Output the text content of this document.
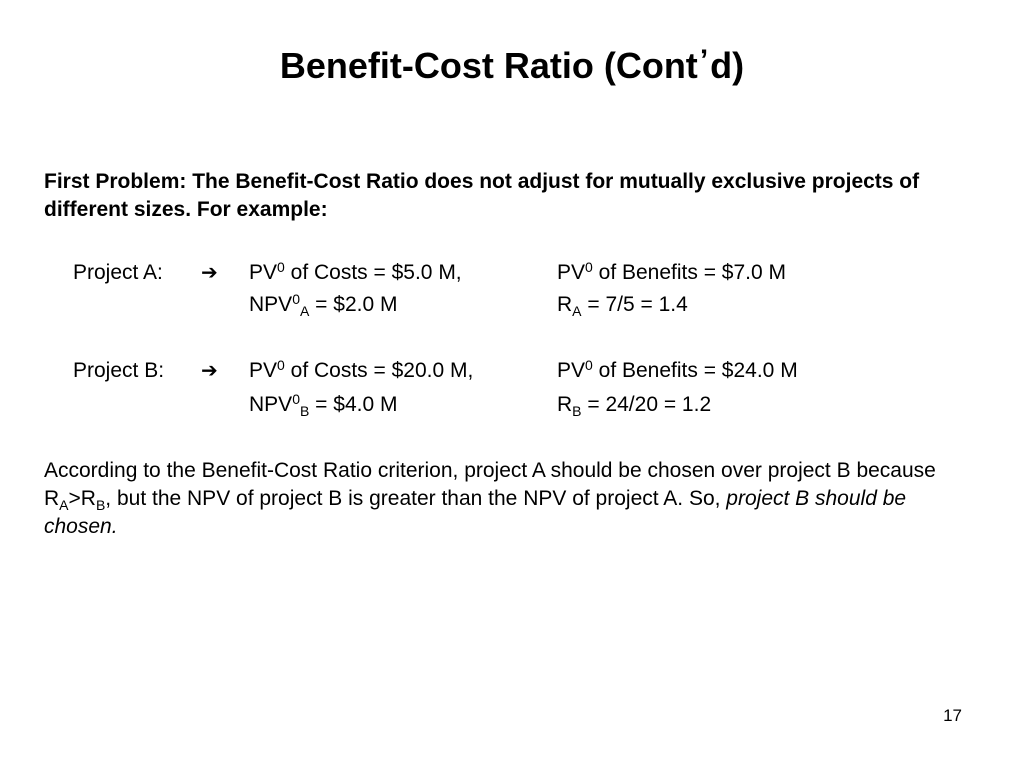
Benefit-Cost Ratio (Cont’d)
First Problem: The Benefit-Cost Ratio does not adjust for mutually exclusive projects of different sizes. For example:
Project A: ➔ $PV^0$ of Costs = $5.0 M,	$PV^0$ of Benefits = $7.0 M
$NPV^0_A$ = $2.0 M	$R_A = 7/5 = 1.4$
Project B: ➔ $PV^0$ of Costs = $20.0 M,	$PV^0$ of Benefits = $24.0 M
$NPV^0_B$ = $4.0 M	$R_B = 24/20 = 1.2$
According to the Benefit-Cost Ratio criterion, project A should be chosen over project B because $R_A>R_B$, but the NPV of project B is greater than the NPV of project A. So, project B should be chosen.
17
